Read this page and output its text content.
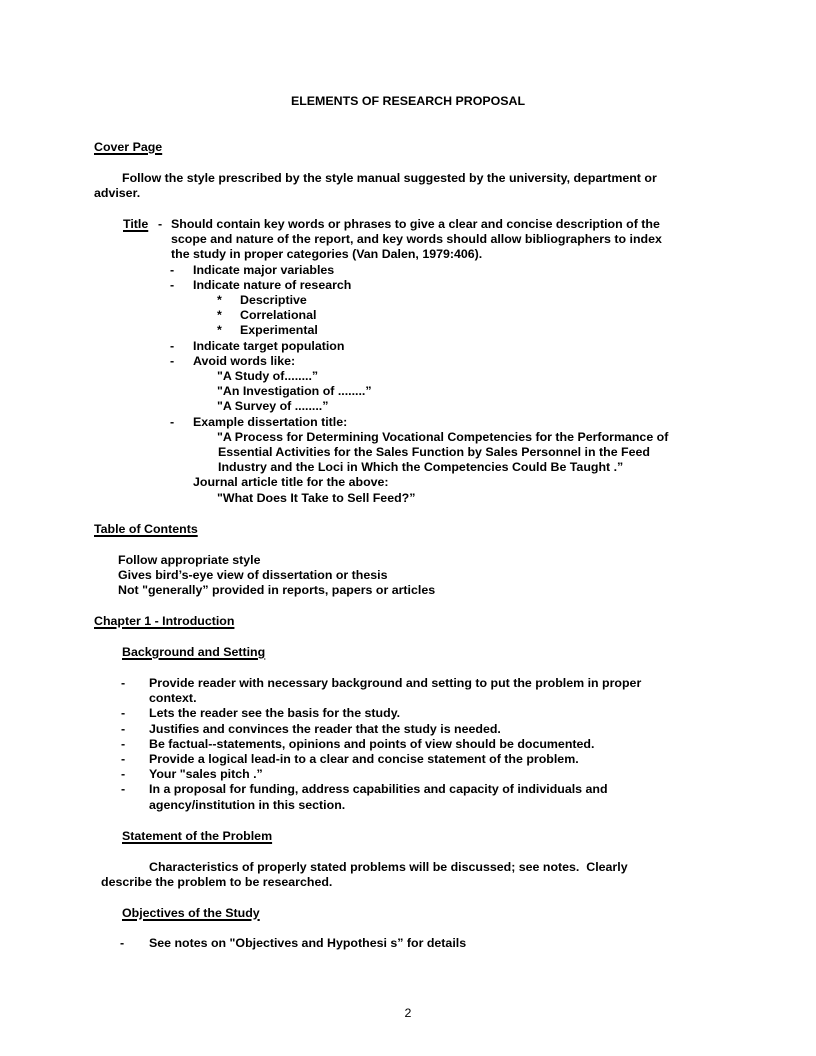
ELEMENTS OF RESEARCH PROPOSAL
Cover Page
Follow the style prescribed by the style manual suggested by the university, department or
adviser.
Title - Should contain key words or phrases to give a clear and concise description of the
scope and nature of the report, and key words should allow bibliographers to index
the study in proper categories (Van Dalen, 1979:406).
- Indicate major variables
- Indicate nature of research
* Descriptive
* Correlational
* Experimental
- Indicate target population
- Avoid words like:
"A Study of........”
"An Investigation of ........”
"A Survey of ........”
- Example dissertation title:
"A Process for Determining Vocational Competencies for the Performance of
Essential Activities for the Sales Function by Sales Personnel in the Feed
Industry and the Loci in Which the Competencies Could Be Taught .”
Journal article title for the above:
"What Does It Take to Sell Feed?”
Table of Contents
Follow appropriate style
Gives bird’s-eye view of dissertation or thesis
Not "generally” provided in reports, papers or articles
Chapter 1 - Introduction
Background and Setting
- Provide reader with necessary background and setting to put the problem in proper
context.
- Lets the reader see the basis for the study.
- Justifies and convinces the reader that the study is needed.
- Be factual--statements, opinions and points of view should be documented.
- Provide a logical lead-in to a clear and concise statement of the problem.
- Your "sales pitch .”
- In a proposal for funding, address capabilities and capacity of individuals and
agency/institution in this section.
Statement of the Problem
Characteristics of properly stated problems will be discussed; see notes.  Clearly
describe the problem to be researched.
Objectives of the Study
- See notes on "Objectives and Hypothesi s” for details
2
